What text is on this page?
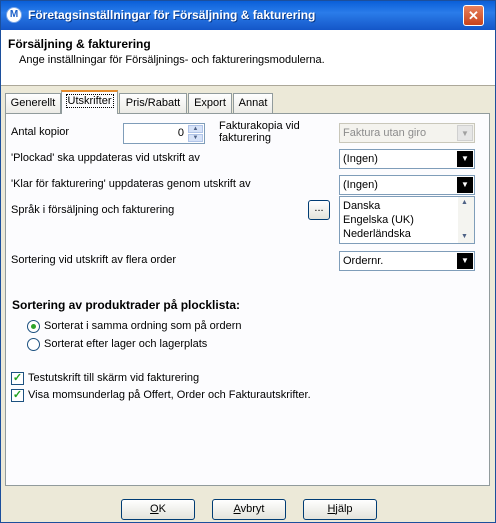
M Företagsinställningar för Försäljning & fakturering	✕
Försäljning & fakturering
Ange inställningar för Försäljnings- och faktureringsmodulerna.
Generellt	Utskrifter	Pris/Rabatt	Export	Annat
Antal kopior	0	▲
▼
Fakturakopia vid
fakturering	Faktura utan giro	▼
'Plockad' ska uppdateras vid utskrift av	(Ingen)	▼
'Klar för fakturering' uppdateras genom utskrift av	(Ingen)	▼
Språk i försäljning och fakturering	...	Danska
Engelska (UK)
Nederländska
▲
▼
Sortering vid utskrift av flera order	Ordernr.	▼
Sortering av produktrader på plocklista:
Sorterat i samma ordning som på ordern
Sorterat efter lager och lagerplats
✓ Testutskrift till skärm vid fakturering
✓ Visa momsunderlag på Offert, Order och Fakturautskrifter.
OK	Avbryt	Hjälp
